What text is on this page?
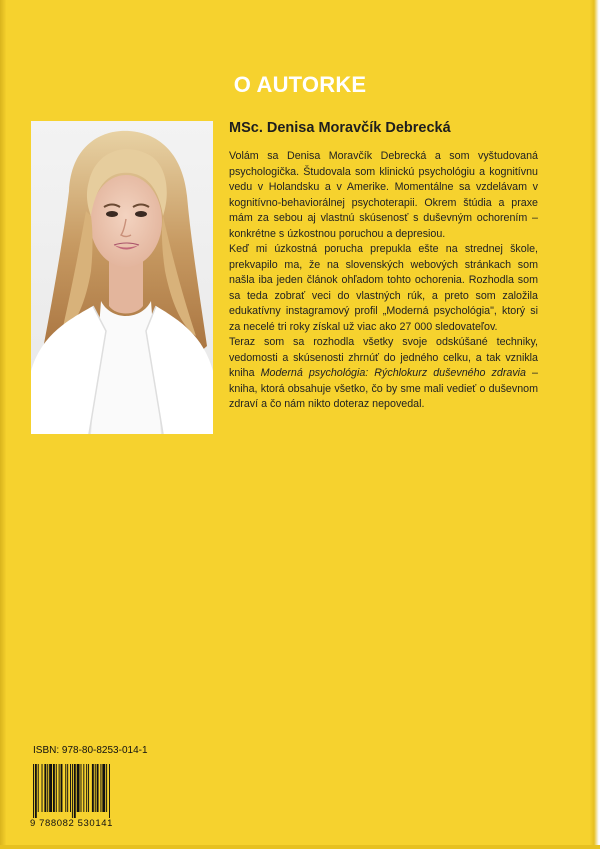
O AUTORKE
MSc. Denisa Moravčík Debrecká

Volám sa Denisa Moravčík Debrecká a som vyštudovaná psychologička. Študovala som klinickú psychológiu a kognitívnu vedu v Holandsku a v Amerike. Momentálne sa vzdelávam v kognitívno-behaviorálnej psychoterapii. Okrem štúdia a praxe mám za sebou aj vlastnú skúsenosť s duševným ochorením – konkrétne s úzkostnou poruchou a depresiou.

Keď mi úzkostná porucha prepukla ešte na strednej škole, prekvapilo ma, že na slovenských webových stránkach som našla iba jeden článok ohľadom tohto ochorenia. Rozhodla som sa teda zobrať veci do vlastných rúk, a preto som založila edukatívny instagramový profil „Moderná psychológia", ktorý si za necelé tri roky získal už viac ako 27 000 sledovateľov.

Teraz som sa rozhodla všetky svoje odskúšané techniky, vedomosti a skúsenosti zhrnúť do jedného celku, a tak vznikla kniha Moderná psychológia: Rýchlokurz duševného zdravia – kniha, ktorá obsahuje všetko, čo by sme mali vedieť o duševnom zdraví a čo nám nikto doteraz nepovedal.

ISBN: 978-80-8253-014-1
9 788082 530141
